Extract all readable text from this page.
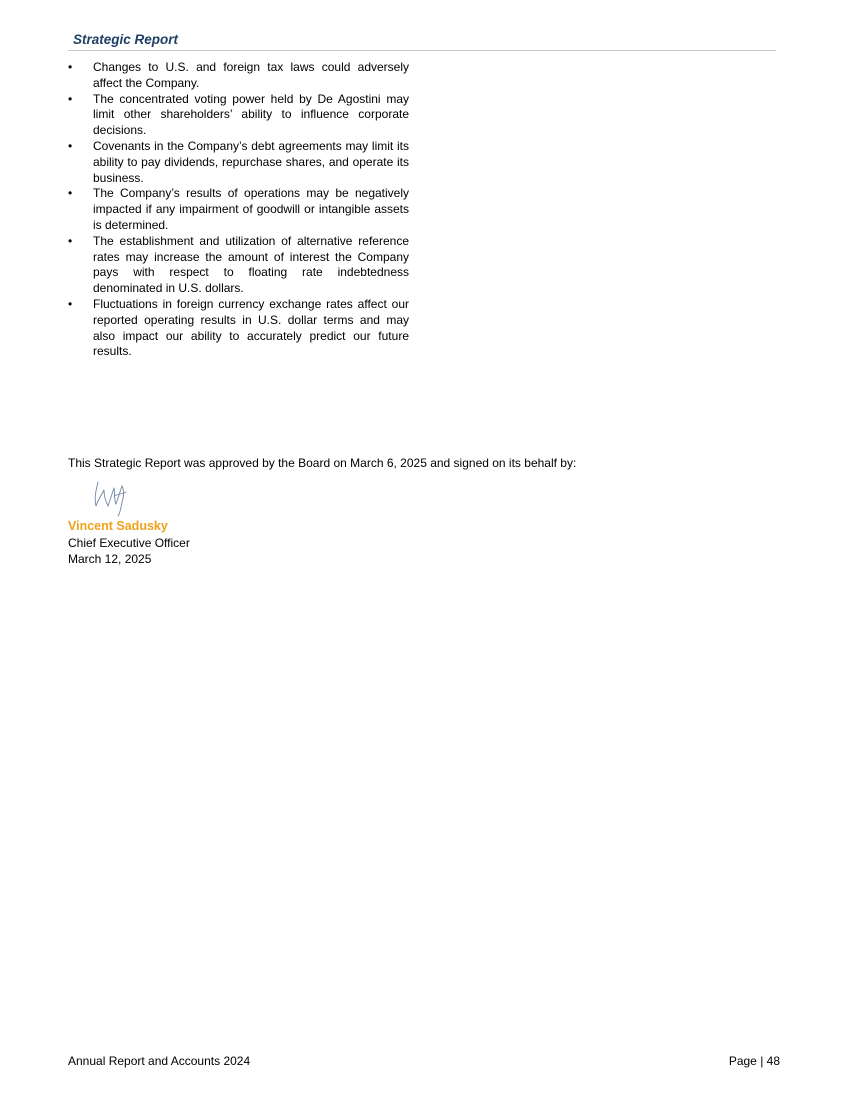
Strategic Report
•	Changes to U.S. and foreign tax laws could adversely affect the Company.
•	The concentrated voting power held by De Agostini may limit other shareholders’ ability to influence corporate decisions.
•	Covenants in the Company’s debt agreements may limit its ability to pay dividends, repurchase shares, and operate its business.
•	The Company’s results of operations may be negatively impacted if any impairment of goodwill or intangible assets is determined.
•	The establishment and utilization of alternative reference rates may increase the amount of interest the Company pays with respect to floating rate indebtedness denominated in U.S. dollars.
•	Fluctuations in foreign currency exchange rates affect our reported operating results in U.S. dollar terms and may also impact our ability to accurately predict our future results.
This Strategic Report was approved by the Board on March 6, 2025 and signed on its behalf by:
Vincent Sadusky
Chief Executive Officer
March 12, 2025
Annual Report and Accounts 2024	Page | 48
